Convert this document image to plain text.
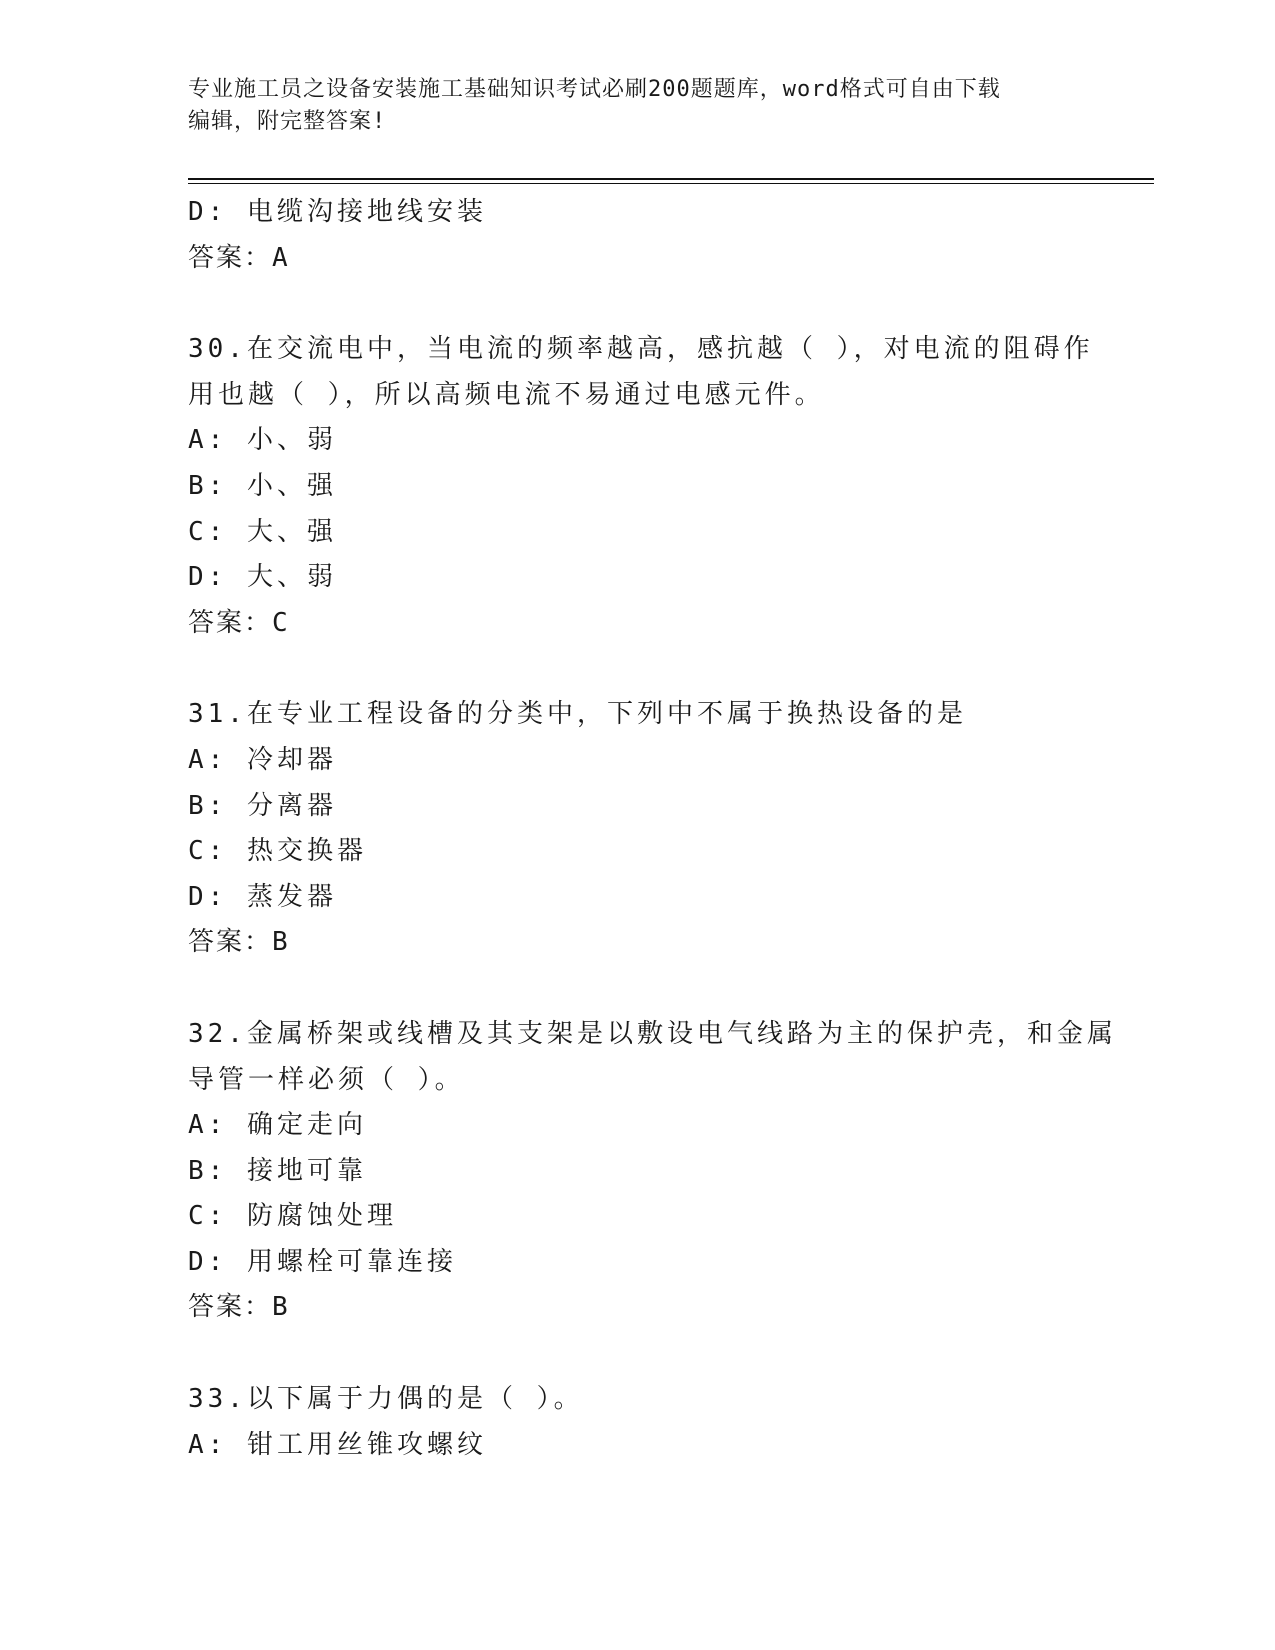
专业施工员之设备安装施工基础知识考试必刷200题题库，word格式可自由下载
编辑，附完整答案!
D: 电缆沟接地线安装
答案：A
30.在交流电中，当电流的频率越高，感抗越（ ），对电流的阻碍作
用也越（ ），所以高频电流不易通过电感元件。
A: 小、弱
B: 小、强
C: 大、强
D: 大、弱
答案：C
31.在专业工程设备的分类中，下列中不属于换热设备的是
A: 冷却器
B: 分离器
C: 热交换器
D: 蒸发器
答案：B
32.金属桥架或线槽及其支架是以敷设电气线路为主的保护壳，和金属
导管一样必须（ ）。
A: 确定走向
B: 接地可靠
C: 防腐蚀处理
D: 用螺栓可靠连接
答案：B
33.以下属于力偶的是（ ）。
A: 钳工用丝锥攻螺纹
